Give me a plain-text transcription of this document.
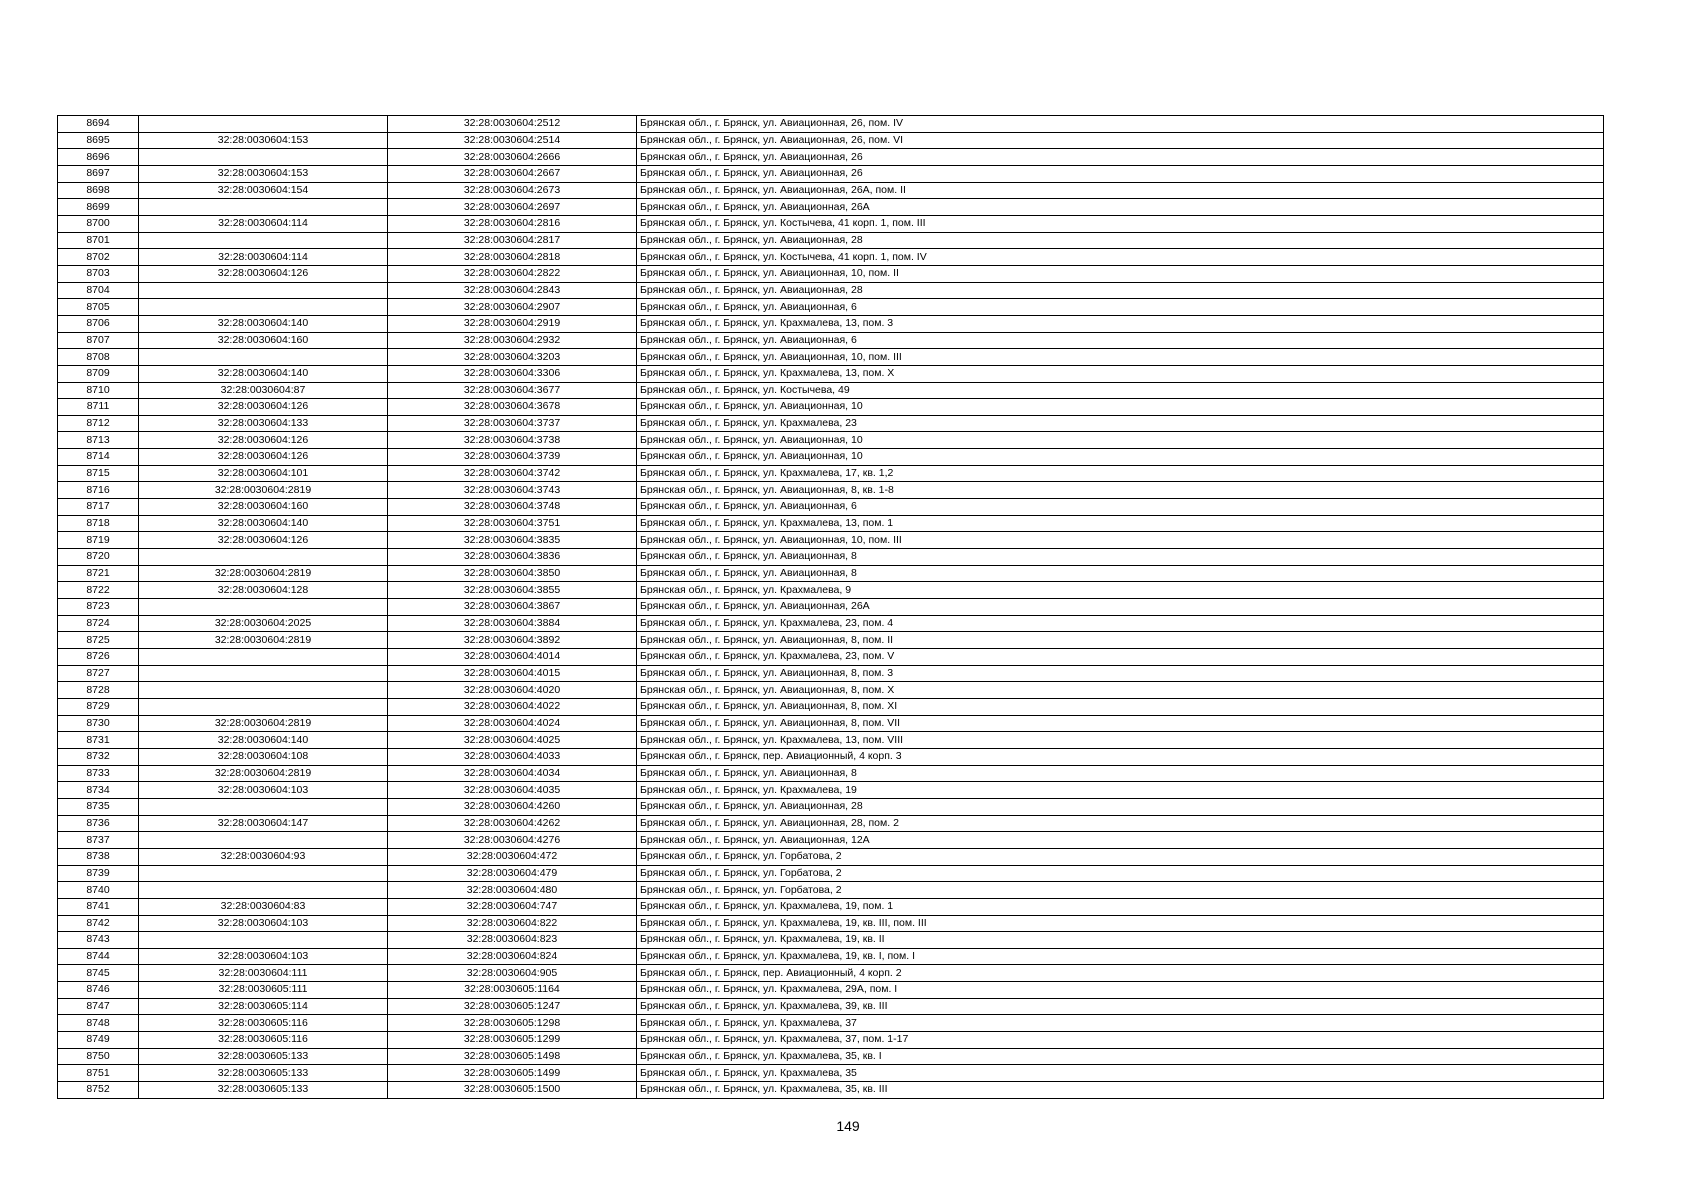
8694		32:28:0030604:2512	Брянская обл., г. Брянск, ул. Авиационная, 26, пом. IV
8695	32:28:0030604:153	32:28:0030604:2514	Брянская обл., г. Брянск, ул. Авиационная, 26, пом. VI
8696		32:28:0030604:2666	Брянская обл., г. Брянск, ул. Авиационная, 26
8697	32:28:0030604:153	32:28:0030604:2667	Брянская обл., г. Брянск, ул. Авиационная, 26
8698	32:28:0030604:154	32:28:0030604:2673	Брянская обл., г. Брянск, ул. Авиационная, 26А, пом. II
8699		32:28:0030604:2697	Брянская обл., г. Брянск, ул. Авиационная, 26А
8700	32:28:0030604:114	32:28:0030604:2816	Брянская обл., г. Брянск, ул. Костычева, 41 корп. 1, пом. III
8701		32:28:0030604:2817	Брянская обл., г. Брянск, ул. Авиационная, 28
8702	32:28:0030604:114	32:28:0030604:2818	Брянская обл., г. Брянск, ул. Костычева, 41 корп. 1, пом. IV
8703	32:28:0030604:126	32:28:0030604:2822	Брянская обл., г. Брянск, ул. Авиационная, 10, пом. II
8704		32:28:0030604:2843	Брянская обл., г. Брянск, ул. Авиационная, 28
8705		32:28:0030604:2907	Брянская обл., г. Брянск, ул. Авиационная, 6
8706	32:28:0030604:140	32:28:0030604:2919	Брянская обл., г. Брянск, ул. Крахмалева, 13, пом. 3
8707	32:28:0030604:160	32:28:0030604:2932	Брянская обл., г. Брянск, ул. Авиационная, 6
8708		32:28:0030604:3203	Брянская обл., г. Брянск, ул. Авиационная, 10, пом. III
8709	32:28:0030604:140	32:28:0030604:3306	Брянская обл., г. Брянск, ул. Крахмалева, 13, пом. X
8710	32:28:0030604:87	32:28:0030604:3677	Брянская обл., г. Брянск, ул. Костычева, 49
8711	32:28:0030604:126	32:28:0030604:3678	Брянская обл., г. Брянск, ул. Авиационная, 10
8712	32:28:0030604:133	32:28:0030604:3737	Брянская обл., г. Брянск, ул. Крахмалева, 23
8713	32:28:0030604:126	32:28:0030604:3738	Брянская обл., г. Брянск, ул. Авиационная, 10
8714	32:28:0030604:126	32:28:0030604:3739	Брянская обл., г. Брянск, ул. Авиационная, 10
8715	32:28:0030604:101	32:28:0030604:3742	Брянская обл., г. Брянск, ул. Крахмалева, 17, кв. 1,2
8716	32:28:0030604:2819	32:28:0030604:3743	Брянская обл., г. Брянск, ул. Авиационная, 8, кв. 1-8
8717	32:28:0030604:160	32:28:0030604:3748	Брянская обл., г. Брянск, ул. Авиационная, 6
8718	32:28:0030604:140	32:28:0030604:3751	Брянская обл., г. Брянск, ул. Крахмалева, 13, пом. 1
8719	32:28:0030604:126	32:28:0030604:3835	Брянская обл., г. Брянск, ул. Авиационная, 10, пом. III
8720		32:28:0030604:3836	Брянская обл., г. Брянск, ул. Авиационная, 8
8721	32:28:0030604:2819	32:28:0030604:3850	Брянская обл., г. Брянск, ул. Авиационная, 8
8722	32:28:0030604:128	32:28:0030604:3855	Брянская обл., г. Брянск, ул. Крахмалева, 9
8723		32:28:0030604:3867	Брянская обл., г. Брянск, ул. Авиационная, 26А
8724	32:28:0030604:2025	32:28:0030604:3884	Брянская обл., г. Брянск, ул. Крахмалева, 23, пом. 4
8725	32:28:0030604:2819	32:28:0030604:3892	Брянская обл., г. Брянск, ул. Авиационная, 8, пом. II
8726		32:28:0030604:4014	Брянская обл., г. Брянск, ул. Крахмалева, 23, пом. V
8727		32:28:0030604:4015	Брянская обл., г. Брянск, ул. Авиационная, 8, пом. 3
8728		32:28:0030604:4020	Брянская обл., г. Брянск, ул. Авиационная, 8, пом. X
8729		32:28:0030604:4022	Брянская обл., г. Брянск, ул. Авиационная, 8, пом. XI
8730	32:28:0030604:2819	32:28:0030604:4024	Брянская обл., г. Брянск, ул. Авиационная, 8, пом. VII
8731	32:28:0030604:140	32:28:0030604:4025	Брянская обл., г. Брянск, ул. Крахмалева, 13, пом. VIII
8732	32:28:0030604:108	32:28:0030604:4033	Брянская обл., г. Брянск, пер. Авиационный, 4 корп. 3
8733	32:28:0030604:2819	32:28:0030604:4034	Брянская обл., г. Брянск, ул. Авиационная, 8
8734	32:28:0030604:103	32:28:0030604:4035	Брянская обл., г. Брянск, ул. Крахмалева, 19
8735		32:28:0030604:4260	Брянская обл., г. Брянск, ул. Авиационная, 28
8736	32:28:0030604:147	32:28:0030604:4262	Брянская обл., г. Брянск, ул. Авиационная, 28, пом. 2
8737		32:28:0030604:4276	Брянская обл., г. Брянск, ул. Авиационная, 12А
8738	32:28:0030604:93	32:28:0030604:472	Брянская обл., г. Брянск, ул. Горбатова, 2
8739		32:28:0030604:479	Брянская обл., г. Брянск, ул. Горбатова, 2
8740		32:28:0030604:480	Брянская обл., г. Брянск, ул. Горбатова, 2
8741	32:28:0030604:83	32:28:0030604:747	Брянская обл., г. Брянск, ул. Крахмалева, 19, пом. 1
8742	32:28:0030604:103	32:28:0030604:822	Брянская обл., г. Брянск, ул. Крахмалева, 19, кв. III, пом. III
8743		32:28:0030604:823	Брянская обл., г. Брянск, ул. Крахмалева, 19, кв. II
8744	32:28:0030604:103	32:28:0030604:824	Брянская обл., г. Брянск, ул. Крахмалева, 19, кв. I, пом. I
8745	32:28:0030604:111	32:28:0030604:905	Брянская обл., г. Брянск, пер. Авиационный, 4 корп. 2
8746	32:28:0030605:111	32:28:0030605:1164	Брянская обл., г. Брянск, ул. Крахмалева, 29А, пом. I
8747	32:28:0030605:114	32:28:0030605:1247	Брянская обл., г. Брянск, ул. Крахмалева, 39, кв. III
8748	32:28:0030605:116	32:28:0030605:1298	Брянская обл., г. Брянск, ул. Крахмалева, 37
8749	32:28:0030605:116	32:28:0030605:1299	Брянская обл., г. Брянск, ул. Крахмалева, 37, пом. 1-17
8750	32:28:0030605:133	32:28:0030605:1498	Брянская обл., г. Брянск, ул. Крахмалева, 35, кв. I
8751	32:28:0030605:133	32:28:0030605:1499	Брянская обл., г. Брянск, ул. Крахмалева, 35
8752	32:28:0030605:133	32:28:0030605:1500	Брянская обл., г. Брянск, ул. Крахмалева, 35, кв. III
149
